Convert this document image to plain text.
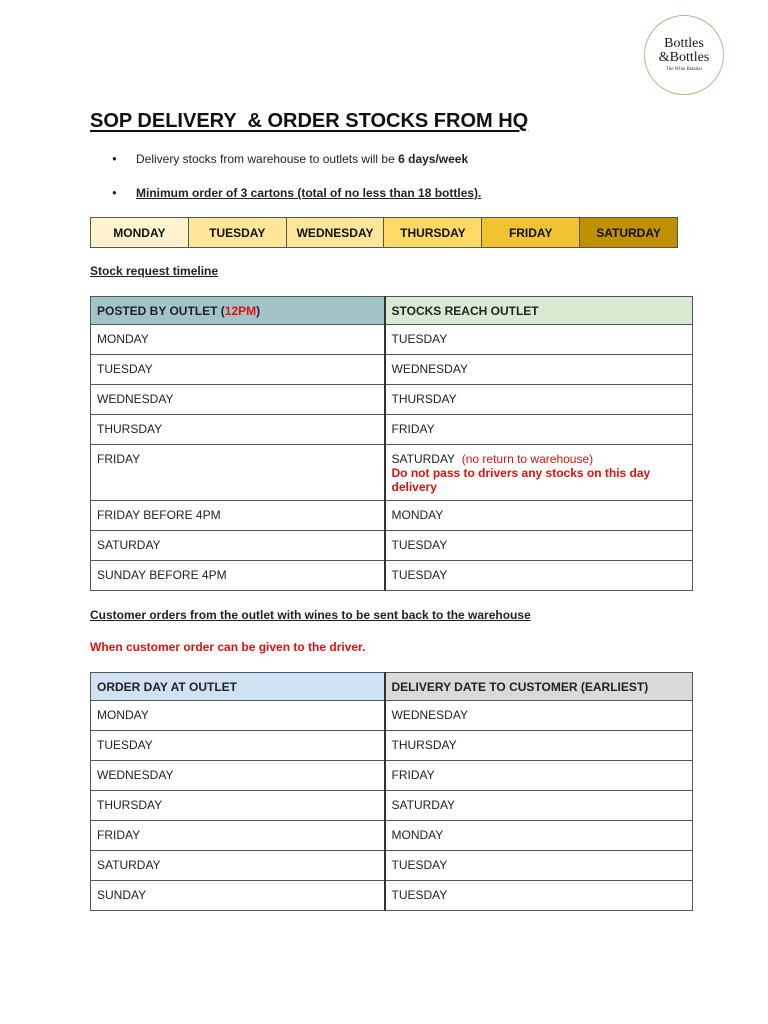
Bottles
&Bottles
The Wine Retailer
SOP DELIVERY  & ORDER STOCKS FROM HQ
● Delivery stocks from warehouse to outlets will be 6 days/week
● Minimum order of 3 cartons (total of no less than 18 bottles).
MONDAY	TUESDAY	WEDNESDAY	THURSDAY	FRIDAY	SATURDAY

Stock request timeline

POSTED BY OUTLET (12PM)	STOCKS REACH OUTLET
MONDAY	TUESDAY
TUESDAY	WEDNESDAY
WEDNESDAY	THURSDAY
THURSDAY	FRIDAY
FRIDAY	SATURDAY (no return to warehouse)
Do not pass to drivers any stocks on this day delivery

FRIDAY BEFORE 4PM	MONDAY
SATURDAY	TUESDAY
SUNDAY BEFORE 4PM	TUESDAY

Customer orders from the outlet with wines to be sent back to the warehouse

When customer order can be given to the driver.

ORDER DAY AT OUTLET	DELIVERY DATE TO CUSTOMER (EARLIEST)
MONDAY	WEDNESDAY
TUESDAY	THURSDAY
WEDNESDAY	FRIDAY
THURSDAY	SATURDAY
FRIDAY	MONDAY
SATURDAY	TUESDAY
SUNDAY	TUESDAY
